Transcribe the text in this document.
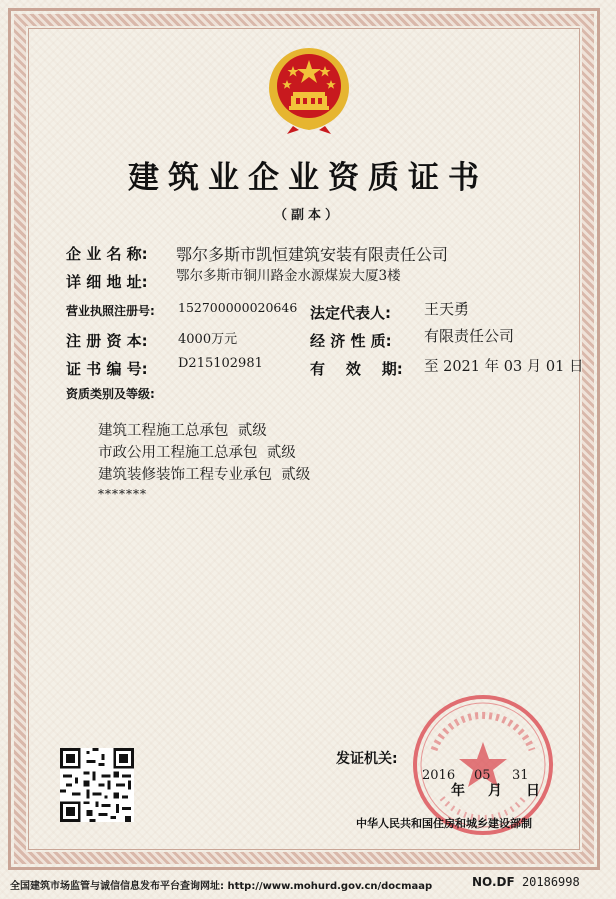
建筑业企业资质证书
（副本）
企 业 名 称: 鄂尔多斯市凯恒建筑安装有限责任公司
详 细 地 址: 鄂尔多斯市铜川路金水源煤炭大厦3楼
营业执照注册号: 152700000020646 法定代表人: 王天勇
注 册 资 本: 4000万元	经 济 性 质: 有限责任公司
证 书 编 号: D215102981	有    效    期: 至 2021 年 03 月 01 日
资质类别及等级:
建筑工程施工总承包  贰级
市政公用工程施工总承包  贰级
建筑装修装饰工程专业承包  贰级
*******
发证机关:
2016
年
05
月
31
日
中华人民共和国住房和城乡建设部制
全国建筑市场监管与诚信信息发布平台查询网址: http://www.mohurd.gov.cn/docmaap	NO.DF 20186998
